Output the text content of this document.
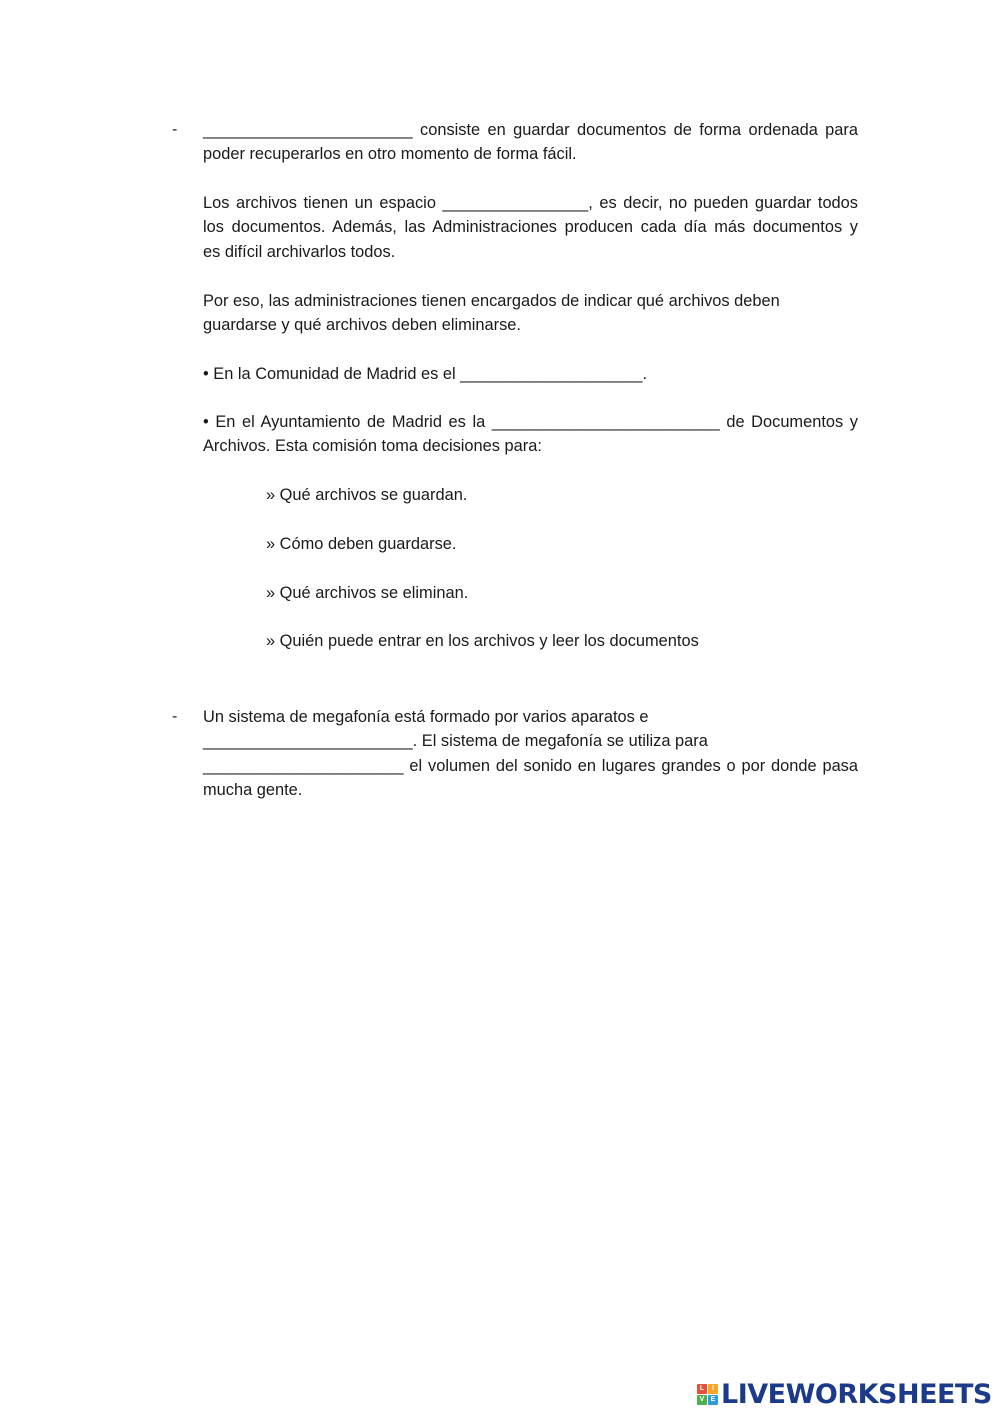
- _______________________ consiste en guardar documentos de forma ordenada para
poder recuperarlos en otro momento de forma fácil.

Los archivos tienen un espacio ________________, es decir, no pueden guardar todos
los documentos. Además, las Administraciones producen cada día más documentos y
es difícil archivarlos todos.

Por eso, las administraciones tienen encargados de indicar qué archivos deben
guardarse y qué archivos deben eliminarse.

• En la Comunidad de Madrid es el ____________________.

• En el Ayuntamiento de Madrid es la _________________________ de Documentos y
Archivos. Esta comisión toma decisiones para:

» Qué archivos se guardan.
» Cómo deben guardarse.
» Qué archivos se eliminan.
» Quién puede entrar en los archivos y leer los documentos
- Un sistema de megafonía está formado por varios aparatos e
_______________________. El sistema de megafonía se utiliza para
______________________ el volumen del sonido en lugares grandes o por donde pasa
mucha gente.

L	I
V E LIVEWORKSHEETS
